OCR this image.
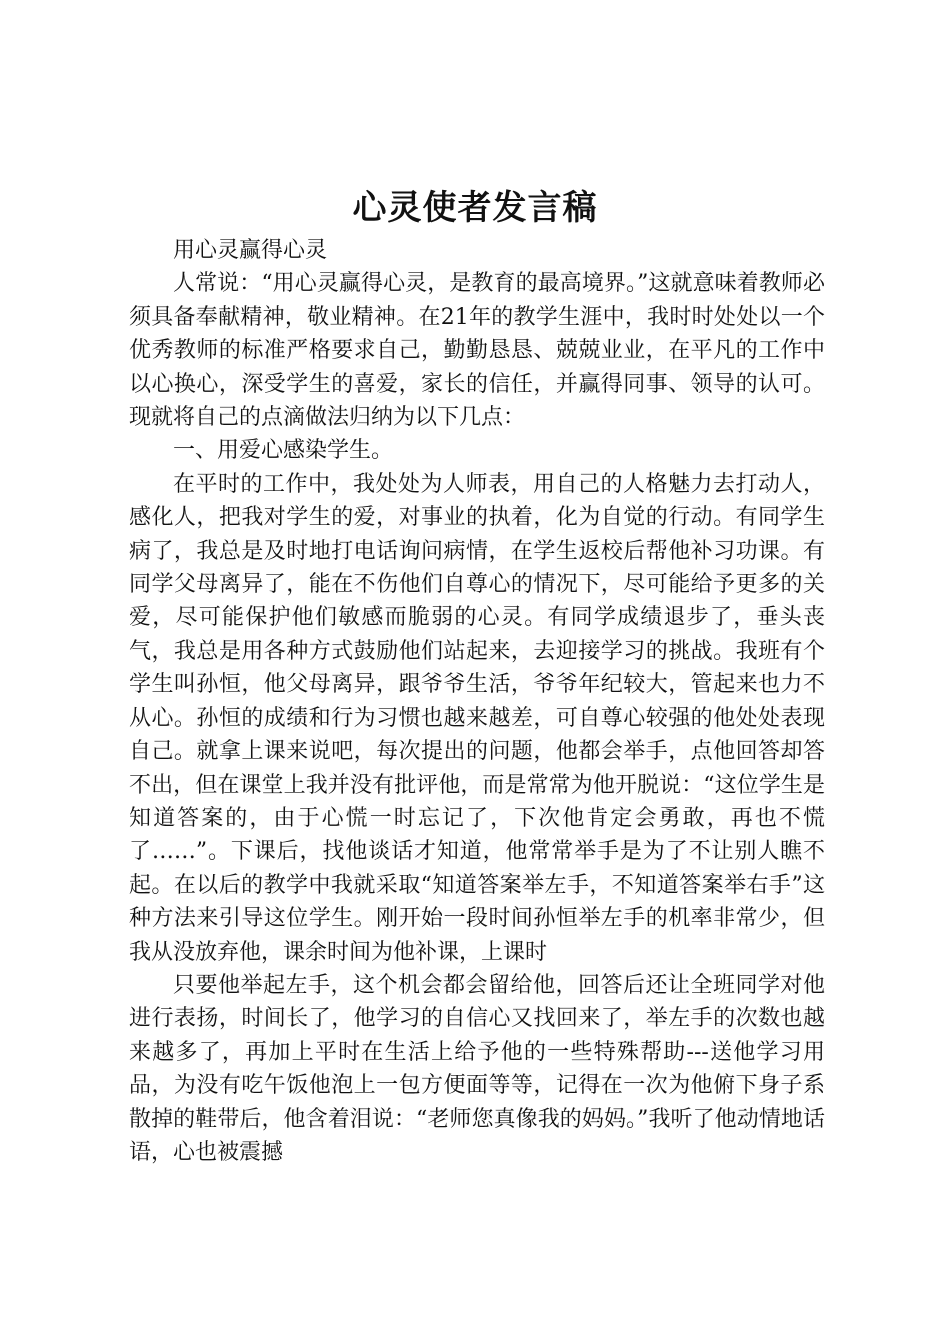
心灵使者发言稿

用心灵赢得心灵

人常说：“用心灵赢得心灵，是教育的最高境界。”这就意味着教师必须具备奉献精神，敬业精神。在21年的教学生涯中，我时时处处以一个优秀教师的标准严格要求自己，勤勤恳恳、兢兢业业，在平凡的工作中以心换心，深受学生的喜爱，家长的信任，并赢得同事、领导的认可。现就将自己的点滴做法归纳为以下几点：

一、用爱心感染学生。

在平时的工作中，我处处为人师表，用自己的人格魅力去打动人，感化人，把我对学生的爱，对事业的执着，化为自觉的行动。有同学生病了，我总是及时地打电话询问病情，在学生返校后帮他补习功课。有同学父母离异了，能在不伤他们自尊心的情况下，尽可能给予更多的关爱，尽可能保护他们敏感而脆弱的心灵。有同学成绩退步了，垂头丧气，我总是用各种方式鼓励他们站起来，去迎接学习的挑战。我班有个学生叫孙恒，他父母离异，跟爷爷生活，爷爷年纪较大，管起来也力不从心。孙恒的成绩和行为习惯也越来越差，可自尊心较强的他处处表现自己。就拿上课来说吧，每次提出的问题，他都会举手，点他回答却答不出，但在课堂上我并没有批评他，而是常常为他开脱说：“这位学生是知道答案的，由于心慌一时忘记了，下次他肯定会勇敢，再也不慌了……”。下课后，找他谈话才知道，他常常举手是为了不让别人瞧不起。在以后的教学中我就采取“知道答案举左手，不知道答案举右手”这种方法来引导这位学生。刚开始一段时间孙恒举左手的机率非常少，但我从没放弃他，课余时间为他补课，上课时

只要他举起左手，这个机会都会留给他，回答后还让全班同学对他进行表扬，时间长了，他学习的自信心又找回来了，举左手的次数也越来越多了，再加上平时在生活上给予他的一些特殊帮助---送他学习用品，为没有吃午饭他泡上一包方便面等等，记得在一次为他俯下身子系散掉的鞋带后，他含着泪说：“老师您真像我的妈妈。”我听了他动情地话语，心也被震撼
